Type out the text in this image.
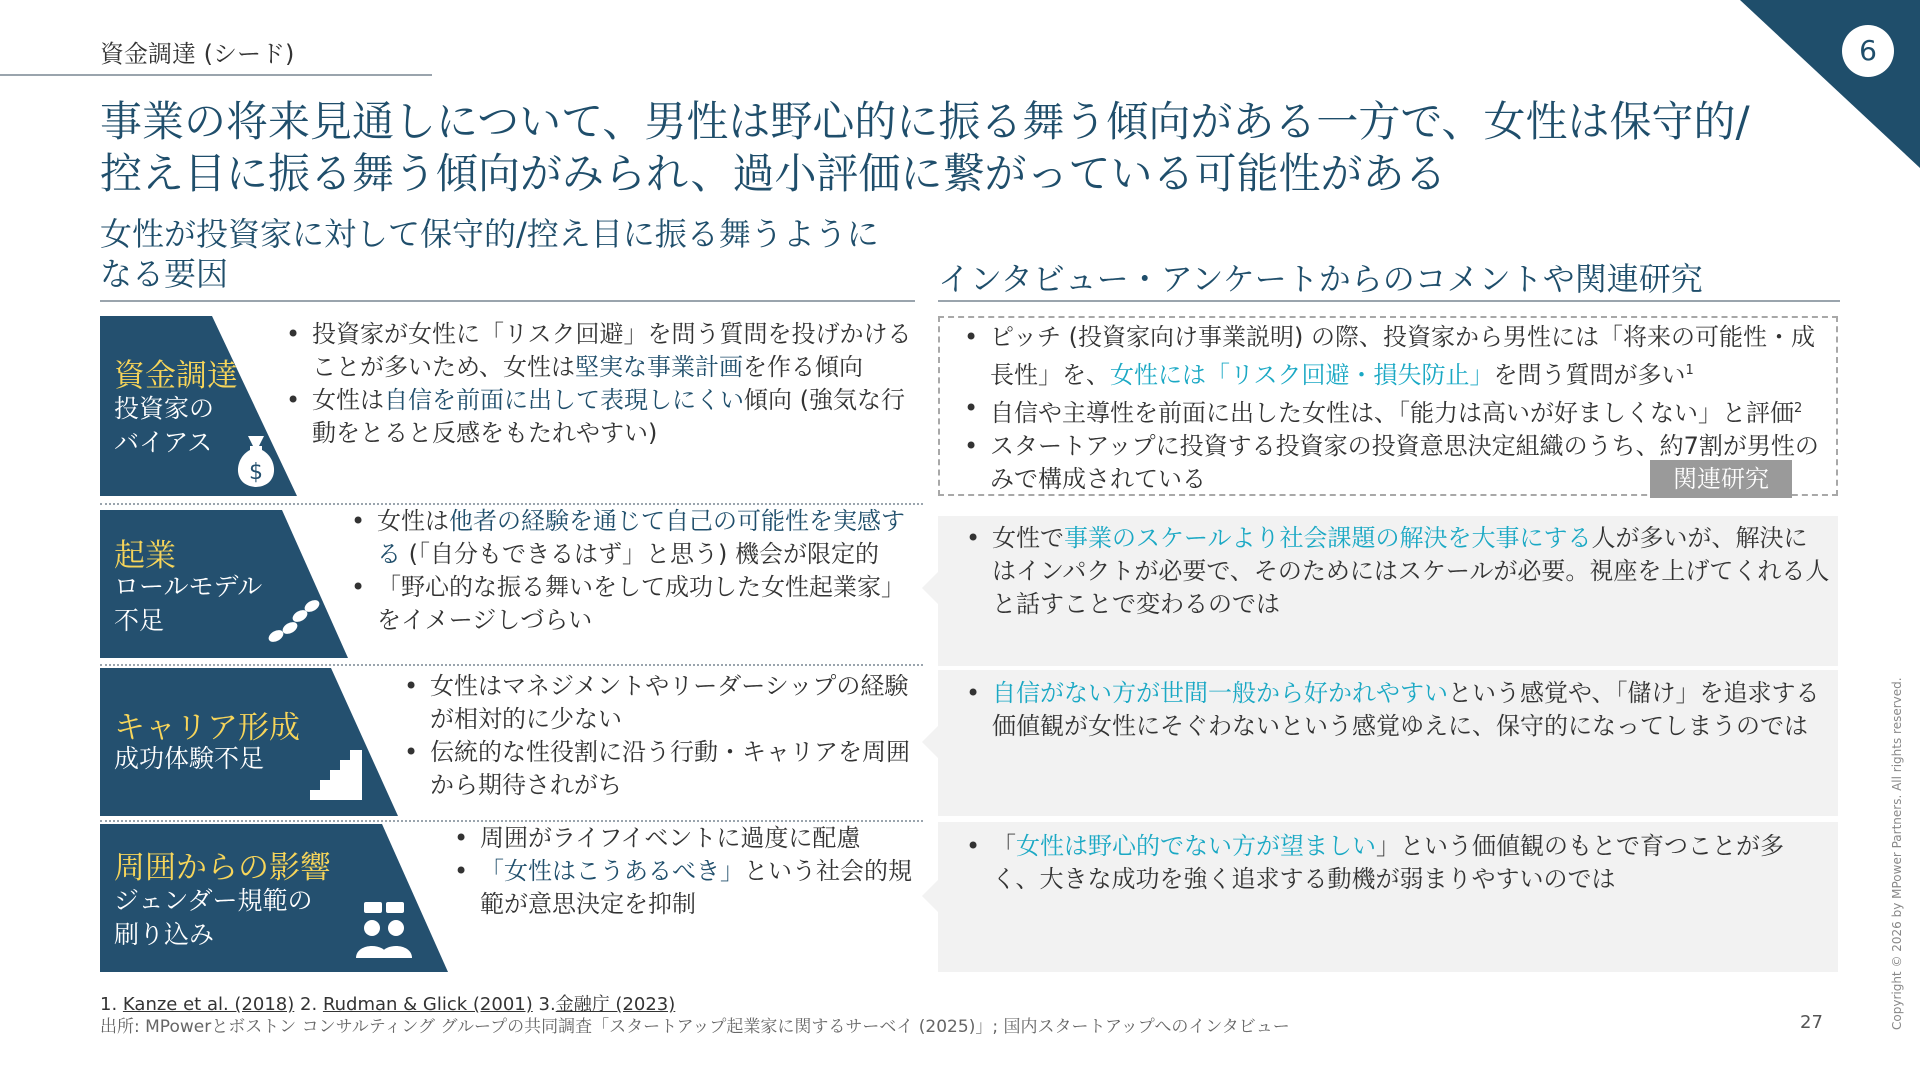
資金調達 (シード)	6
事業の将来見通しについて、男性は野心的に振る舞う傾向がある一方で、女性は保守的/
控え目に振る舞う傾向がみられ、過小評価に繋がっている可能性がある
女性が投資家に対して保守的/控え目に振る舞うように
なる要因	インタビュー・アンケートからのコメントや関連研究
資金調達
投資家の
バイアス
$
• 投資家が女性に「リスク回避」を問う質問を投げかけることが多いため、女性は堅実な事業計画を作る傾向
• 女性は自信を前面に出して表現しにくい傾向 (強気な行動をとると反感をもたれやすい)
起業
ロールモデル
不足
• 女性は他者の経験を通じて自己の可能性を実感する (「自分もできるはず」と思う) 機会が限定的
• 「野心的な振る舞いをして成功した女性起業家」をイメージしづらい
キャリア形成
成功体験不足
• 女性はマネジメントやリーダーシップの経験が相対的に少ない
• 伝統的な性役割に沿う行動・キャリアを周囲から期待されがち
周囲からの影響
ジェンダー規範の
刷り込み
• 周囲がライフイベントに過度に配慮
• 「女性はこうあるべき」という社会的規範が意思決定を抑制
• ピッチ (投資家向け事業説明) の際、投資家から男性には「将来の可能性・成長性」を、女性には「リスク回避・損失防止」を問う質問が多い$^1$
• 自信や主導性を前面に出した女性は、「能力は高いが好ましくない」と評価$^2$
• スタートアップに投資する投資家の投資意思決定組織のうち、約7割が男性のみで構成されている	関連研究
• 女性で事業のスケールより社会課題の解決を大事にする人が多いが、解決にはインパクトが必要で、そのためにはスケールが必要。視座を上げてくれる人と話すことで変わるのでは
• 自信がない方が世間一般から好かれやすいという感覚や、「儲け」を追求する価値観が女性にそぐわないという感覚ゆえに、保守的になってしまうのでは
• 「女性は野心的でない方が望ましい」という価値観のもとで育つことが多く、大きな成功を強く追求する動機が弱まりやすいのでは
1. Kanze et al. (2018) 2. Rudman & Glick (2001) 3.金融庁 (2023)
出所: MPowerとボストン コンサルティング グループの共同調査「スタートアップ起業家に関するサーベイ (2025)」; 国内スタートアップへのインタビュー	27	Copyright © 2026 by MPower Partners. All rights reserved.
